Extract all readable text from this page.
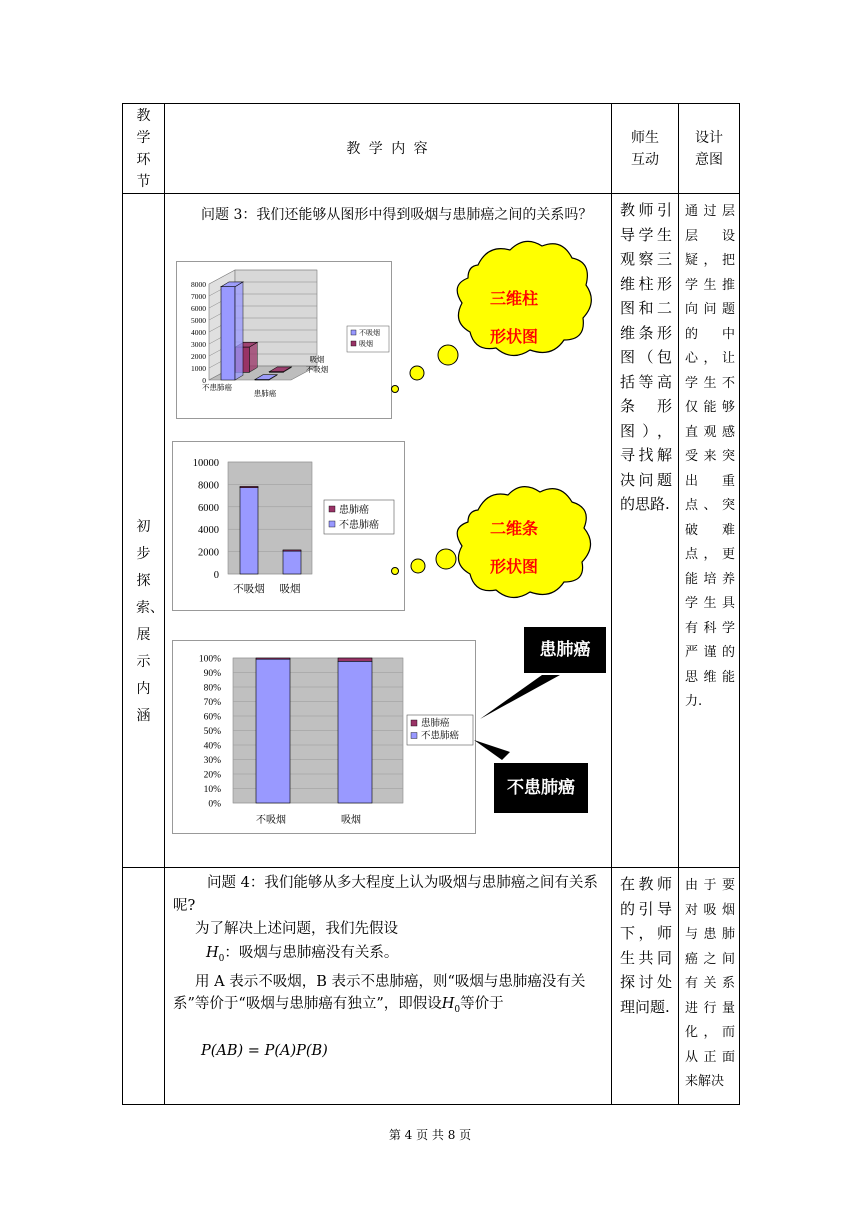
教学环节	教 学 内 容	师生互动	设计意图

初步探索、展示内涵	问题 3：我们还能够从图形中得到吸烟与患肺癌之间的关系吗？	教师引导学生观察三维柱形图和二维条形图（包括等高条形图），寻找解决问题的思路.	通过层层设疑，把学生推向问题的中心，让学生不仅能够直观感受来突出重点、突破难点，更能培养学生具有科学严谨的思维能力.

	问题 4：我们能够从多大程度上认为吸烟与患肺癌之间有关系呢?
为了解决上述问题，我们先假设
$H_0$：吸烟与患肺癌没有关系。
用 A 表示不吸烟，B 表示不患肺癌，则“吸烟与患肺癌没有关系”等价于“吸烟与患肺癌有独立”，即假设$H_0$等价于
P(AB) = P(A)P(B)	在教师的引导下，师生共同探讨处理问题.	由于要对吸烟与患肺癌之间有关系进行量化，而从正面来解决
0
1000
2000
3000
4000
5000
6000
7000
8000
不患肺癌
患肺癌
吸烟
不吸烟
不吸烟
吸烟
0
2000
4000
6000
8000
10000
不吸烟 吸烟
患肺癌
不患肺癌
0%
10%
20%
30%
40%
50%
60%
70%
80%
90%
100%
不吸烟	吸烟
患肺癌
不患肺癌
三维柱
形状图
二维条
形状图
患肺癌
不患肺癌
第 4 页 共 8 页
